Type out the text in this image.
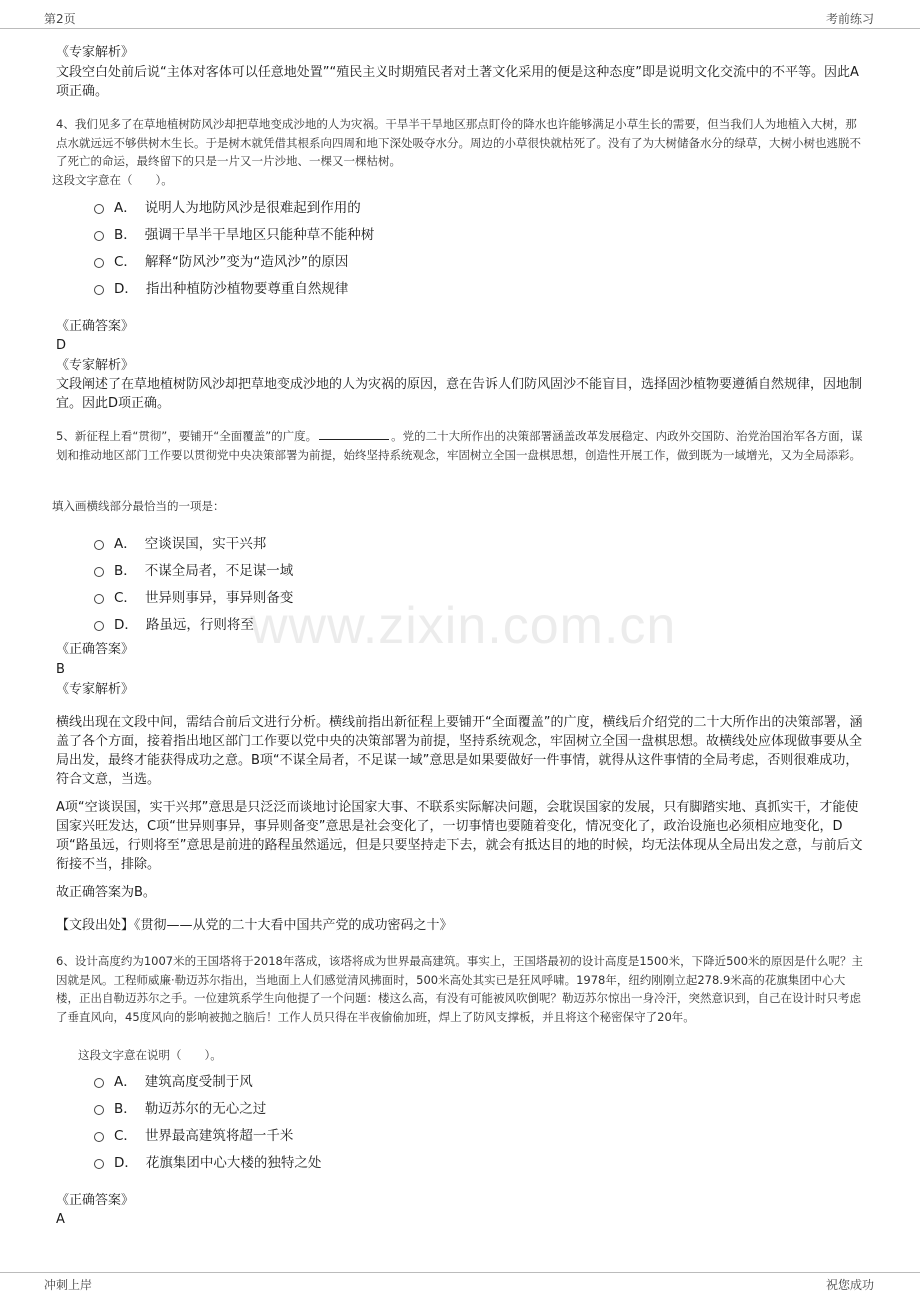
第2页	考前练习
www.zixin.com.cn
《专家解析》
文段空白处前后说“主体对客体可以任意地处置”“殖民主义时期殖民者对土著文化采用的便是这种态度”即是说明文化交流中的不平等。因此A项正确。
4、我们见多了在草地植树防风沙却把草地变成沙地的人为灾祸。干旱半干旱地区那点盯伶的降水也许能够满足小草生长的需要，但当我们人为地植入大树，那点水就远远不够供树木生长。于是树木就凭借其根系向四周和地下深处吸夺水分。周边的小草很快就枯死了。没有了为大树储备水分的绿草，大树小树也逃脱不了死亡的命运，最终留下的只是一片又一片沙地、一棵又一棵枯树。
这段文字意在（　　）。
A． 说明人为地防风沙是很难起到作用的
B． 强调干旱半干旱地区只能种草不能种树
C． 解释“防风沙”变为“造风沙”的原因
D． 指出种植防沙植物要尊重自然规律
《正确答案》
D
《专家解析》
文段阐述了在草地植树防风沙却把草地变成沙地的人为灾祸的原因，意在告诉人们防风固沙不能盲目，选择固沙植物要遵循自然规律，因地制宜。因此D项正确。
5、新征程上看“贯彻”，要铺开“全面覆盖”的广度。	。党的二十大所作出的决策部署涵盖改革发展稳定、内政外交国防、治党治国治军各方面，谋划和推动地区部门工作要以贯彻党中央决策部署为前提，始终坚持系统观念，牢固树立全国一盘棋思想，创造性开展工作，做到既为一域增光，又为全局添彩。
填入画横线部分最恰当的一项是：
A． 空谈误国，实干兴邦
B． 不谋全局者，不足谋一域
C． 世异则事异，事异则备变
D． 路虽远，行则将至
《正确答案》
B
《专家解析》
横线出现在文段中间，需结合前后文进行分析。横线前指出新征程上要铺开“全面覆盖”的广度，横线后介绍党的二十大所作出的决策部署，涵盖了各个方面，接着指出地区部门工作要以党中央的决策部署为前提，坚持系统观念，牢固树立全国一盘棋思想。故横线处应体现做事要从全局出发，最终才能获得成功之意。B项“不谋全局者，不足谋一域”意思是如果要做好一件事情，就得从这件事情的全局考虑，否则很难成功，符合文意，当选。
A项“空谈误国，实干兴邦”意思是只泛泛而谈地讨论国家大事、不联系实际解决问题，会耽误国家的发展，只有脚踏实地、真抓实干，才能使国家兴旺发达，C项“世异则事异，事异则备变”意思是社会变化了，一切事情也要随着变化，情况变化了，政治设施也必须相应地变化，D项“路虽远，行则将至”意思是前进的路程虽然遥远，但是只要坚持走下去，就会有抵达目的地的时候，均无法体现从全局出发之意，与前后文衔接不当，排除。
故正确答案为B。
【文段出处】《贯彻——从党的二十大看中国共产党的成功密码之十》
6、设计高度约为1007米的王国塔将于2018年落成，该塔将成为世界最高建筑。事实上，王国塔最初的设计高度是1500米，下降近500米的原因是什么呢？主因就是风。工程师威廉·勒迈苏尔指出，当地面上人们感觉清风拂面时，500米高处其实已是狂风呼啸。1978年，纽约刚刚立起278.9米高的花旗集团中心大楼，正出自勒迈苏尔之手。一位建筑系学生向他提了一个问题：楼这么高，有没有可能被风吹倒呢？勒迈苏尔惊出一身冷汗，突然意识到，自己在设计时只考虑了垂直风向，45度风向的影响被抛之脑后！工作人员只得在半夜偷偷加班，焊上了防风支撑板，并且将这个秘密保守了20年。
这段文字意在说明（　　）。
A． 建筑高度受制于风
B． 勒迈苏尔的无心之过
C． 世界最高建筑将超一千米
D． 花旗集团中心大楼的独特之处
《正确答案》
A
冲刺上岸	祝您成功
